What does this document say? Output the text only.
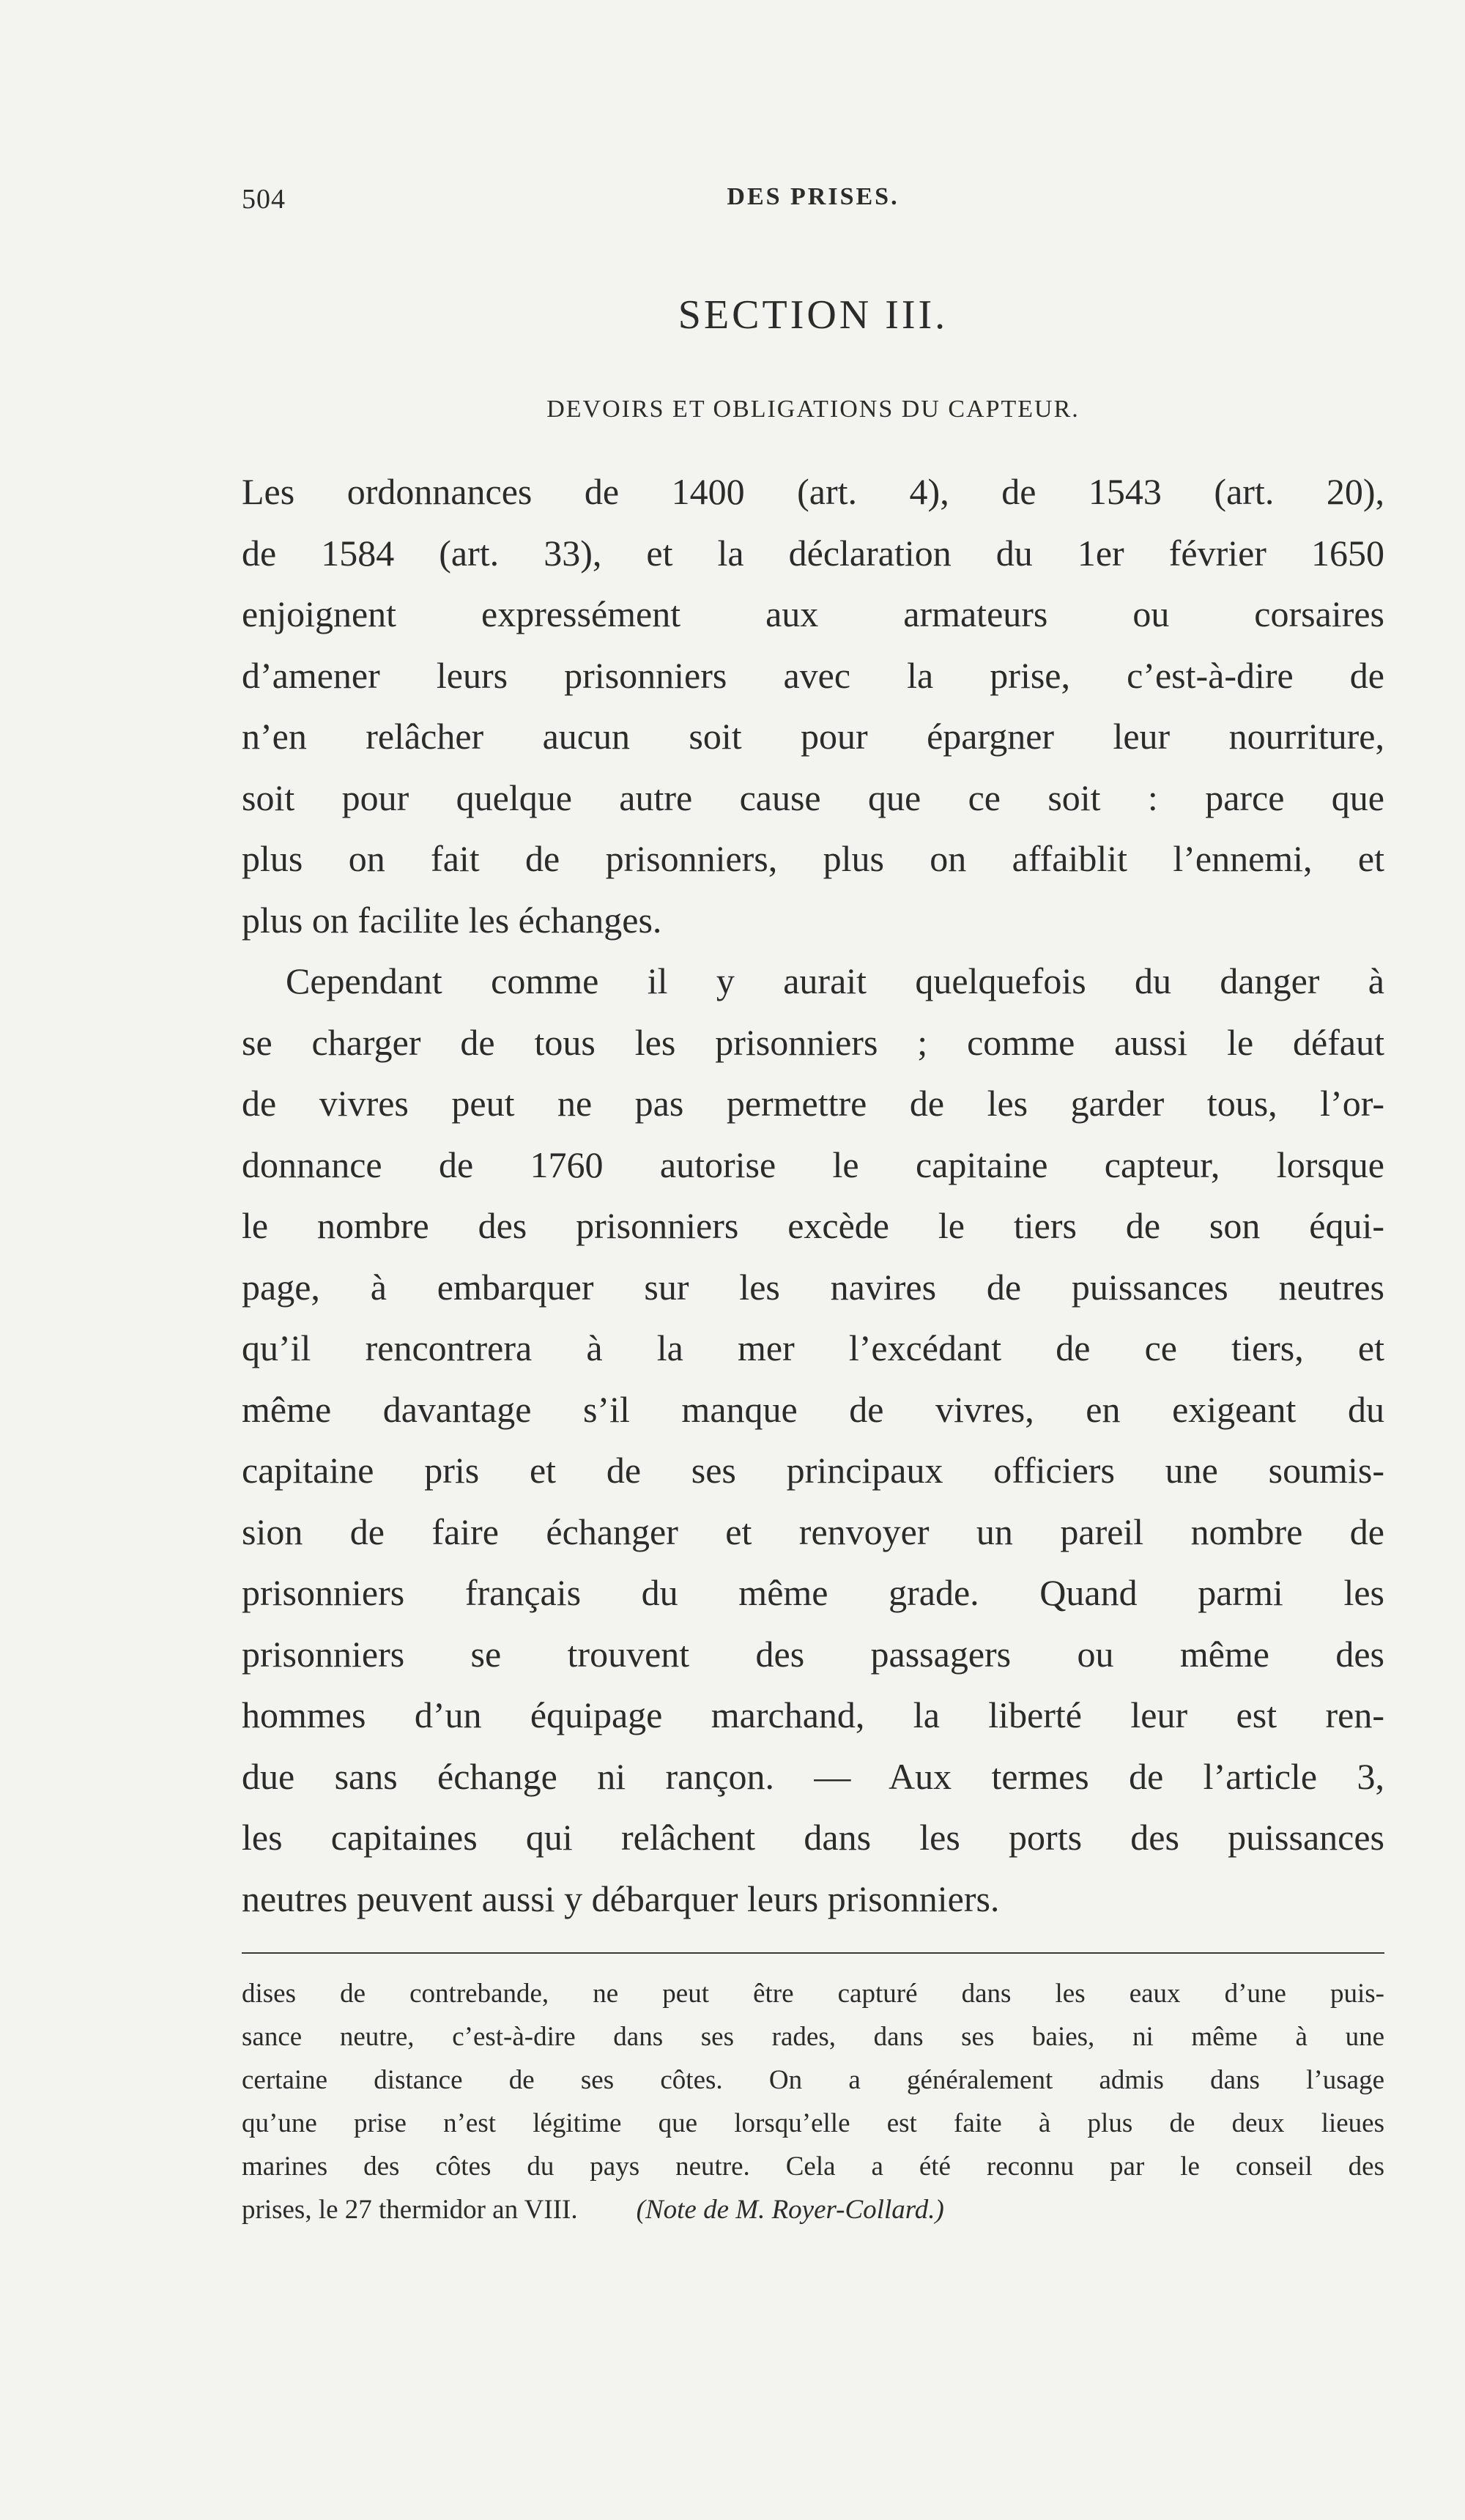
504	DES PRISES.
SECTION III.
DEVOIRS ET OBLIGATIONS DU CAPTEUR.
Les ordonnances de 1400 (art. 4), de 1543 (art. 20),
de 1584 (art. 33), et la déclaration du 1er février 1650
enjoignent expressément aux armateurs ou corsaires
d’amener leurs prisonniers avec la prise, c’est-à-dire de
n’en relâcher aucun soit pour épargner leur nourriture,
soit pour quelque autre cause que ce soit : parce que
plus on fait de prisonniers, plus on affaiblit l’ennemi, et
plus on facilite les échanges.
Cependant comme il y aurait quelquefois du danger à
se charger de tous les prisonniers ; comme aussi le défaut
de vivres peut ne pas permettre de les garder tous, l’or-
donnance de 1760 autorise le capitaine capteur, lorsque
le nombre des prisonniers excède le tiers de son équi-
page, à embarquer sur les navires de puissances neutres
qu’il rencontrera à la mer l’excédant de ce tiers, et
même davantage s’il manque de vivres, en exigeant du
capitaine pris et de ses principaux officiers une soumis-
sion de faire échanger et renvoyer un pareil nombre de
prisonniers français du même grade. Quand parmi les
prisonniers se trouvent des passagers ou même des
hommes d’un équipage marchand, la liberté leur est ren-
due sans échange ni rançon. — Aux termes de l’article 3,
les capitaines qui relâchent dans les ports des puissances
neutres peuvent aussi y débarquer leurs prisonniers.
dises de contrebande, ne peut être capturé dans les eaux d’une puis-
sance neutre, c’est-à-dire dans ses rades, dans ses baies, ni même à une
certaine distance de ses côtes. On a généralement admis dans l’usage
qu’une prise n’est légitime que lorsqu’elle est faite à plus de deux lieues
marines des côtes du pays neutre. Cela a été reconnu par le conseil des
prises, le 27 thermidor an VIII. (Note de M. Royer-Collard.)
